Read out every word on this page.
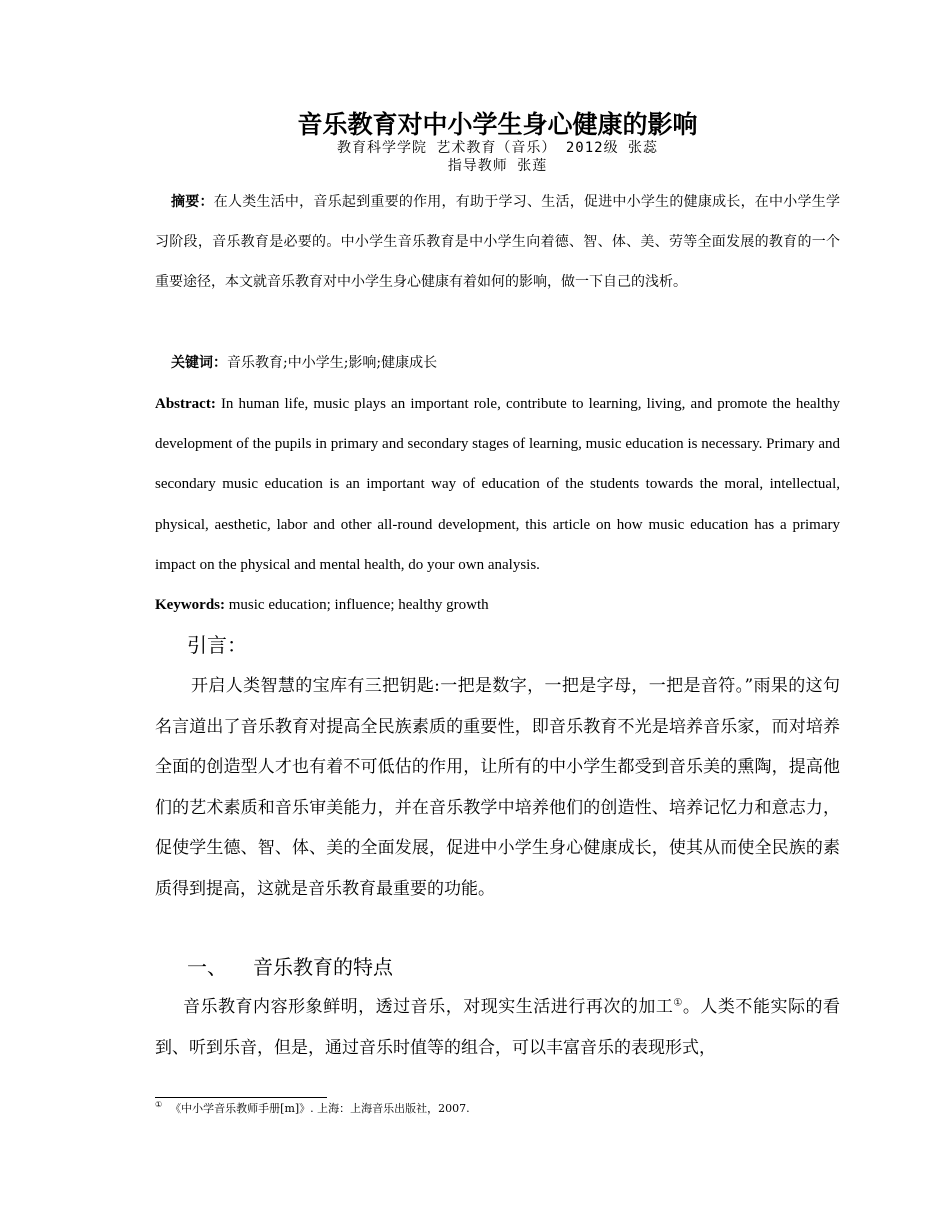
音乐教育对中小学生身心健康的影响
教育科学学院 艺术教育（音乐） 2012级 张蕊
指导教师 张莲
摘要：在人类生活中，音乐起到重要的作用，有助于学习、生活，促进中小学生的健康成长，在中小学生学习阶段，音乐教育是必要的。中小学生音乐教育是中小学生向着德、智、体、美、劳等全面发展的教育的一个重要途径，本文就音乐教育对中小学生身心健康有着如何的影响，做一下自己的浅析。
关键词：音乐教育;中小学生;影响;健康成长
Abstract: In human life, music plays an important role, contribute to learning, living, and promote the healthy development of the pupils in primary and secondary stages of learning, music education is necessary. Primary and secondary music education is an important way of education of the students towards the moral, intellectual, physical, aesthetic, labor and other all-round development, this article on how music education has a primary impact on the physical and mental health, do your own analysis.
Keywords: music education; influence; healthy growth
引言：
开启人类智慧的宝库有三把钥匙:一把是数字，一把是字母，一把是音符。”雨果的这句名言道出了音乐教育对提高全民族素质的重要性，即音乐教育不光是培养音乐家，而对培养全面的创造型人才也有着不可低估的作用，让所有的中小学生都受到音乐美的熏陶，提高他们的艺术素质和音乐审美能力，并在音乐教学中培养他们的创造性、培养记忆力和意志力，促使学生德、智、体、美的全面发展，促进中小学生身心健康成长，使其从而使全民族的素质得到提高，这就是音乐教育最重要的功能。
一、 音乐教育的特点
音乐教育内容形象鲜明，透过音乐，对现实生活进行再次的加工①。人类不能实际的看到、听到乐音，但是，通过音乐时值等的组合，可以丰富音乐的表现形式，
① 《中小学音乐教师手册[m]》. 上海：上海音乐出版社，2007.
